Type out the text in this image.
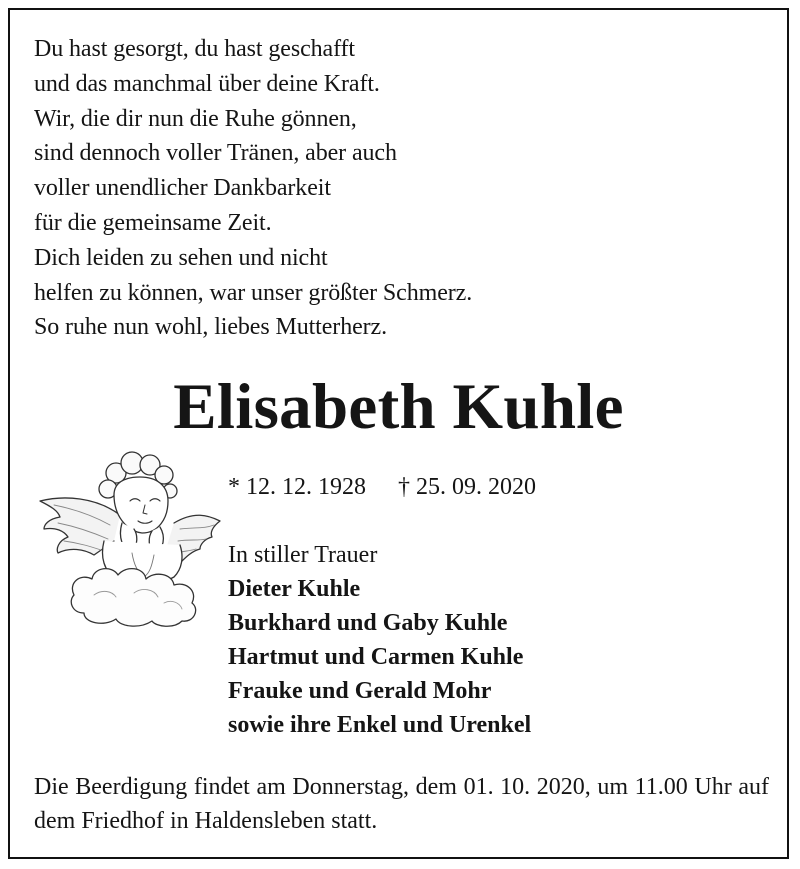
Du hast gesorgt, du hast geschafft
und das manchmal über deine Kraft.
Wir, die dir nun die Ruhe gönnen,
sind dennoch voller Tränen, aber auch
voller unendlicher Dankbarkeit
für die gemeinsame Zeit.
Dich leiden zu sehen und nicht
helfen zu können, war unser größter Schmerz.
So ruhe nun wohl, liebes Mutterherz.
Elisabeth Kuhle
* 12. 12. 1928 † 25. 09. 2020
In stiller Trauer
Dieter Kuhle
Burkhard und Gaby Kuhle
Hartmut und Carmen Kuhle
Frauke und Gerald Mohr
sowie ihre Enkel und Urenkel

Die Beerdigung findet am Donnerstag, dem 01. 10. 2020, um 11.00 Uhr auf dem Friedhof in Haldensleben statt.
